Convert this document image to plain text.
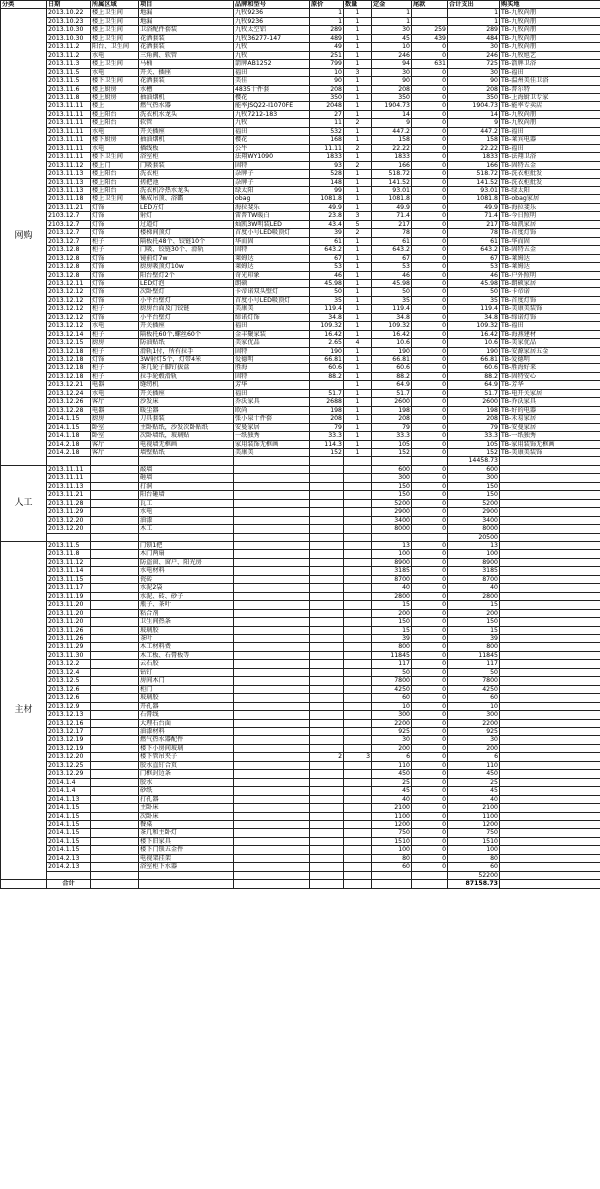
分类	日期	所属区域	项目	品牌和型号	原价	数量	定金	尾款	合计支出	购买地
网购	2013.10.22	楼上卫生间	地漏	九牧9236	1	1	1		1	TB-九牧尚朋
	2013.10.23	楼上卫生间	地漏	九牧9236	1	1	1		1	TB-九牧尚朋
	2013.10.30	楼上卫生间	卫浴配件套装	九牧太空铝	289	1	30	259	289	TB-九牧尚朋
	2013.10.30	楼上卫生间	花洒套装	九牧36277-147	489	1	45	439	484	TB-九牧尚朋
	2013.11.2	阳台、卫生间	花洒套装	九牧	49	1	10	0	30	TB-九牧尚朋
	2013.11.2	水电	三角阀、软管	九牧	251	1	246	0	246	TB-九牧旭艺
	2013.11.3	楼上卫生间	马桶	箭牌AB1252	799	1	94	631	725	TB-箭牌卫浴
	2013.11.5	水电	开关、插座	福田	10	3	30	0	30	TB-福田
	2013.11.5	楼下卫生间	花洒套装	美佳	90	1	90	0	90	TB-温州美佳卫浴
	2013.11.6	楼上厨房	水槽	4835十件套	208	1	208	0	208	TB-普尔特
	2013.11.8	楼上厨房	抽油烟机	樱花	350	1	350	0	350	TB-上海厨卫专家
	2013.11.11	楼上	燃气热水器	能率JSQ22-I1070FE	2048	1	1904.73	0	1904.73	TB-能率专卖店
	2013.11.11	楼上阳台	洗衣机水龙头	九牧7212-183	27	1	14	0	14	TB-九牧尚朋
	2013.11.11	楼上阳台	软管	九牧	11	2	9	0	9	TB-九牧尚朋
	2013.11.11	水电	开关插座	福田	532	1	447.2	0	447.2	TB-福田
	2013.11.11	楼下厨房	抽油烟机	樱花	168	1	158	0	158	TB-莱宾电器
	2013.11.11	水电	插线板	公牛	11.11	2	22.22	0	22.22	TB-福田
	2013.11.11	楼下卫生间	浴室柜	法翔WY1090	1833	1	1833	0	1833	TB-法翔卫浴
	2013.11.12	楼上门	门吸套装	固特	93	2	166	0	166	TB-固特五金
	2013.11.13	楼上阳台	洗衣柜	杂牌子	528	1	518.72	0	518.72	TB-洗衣柜批发
	2013.11.13	楼上阳台	搓把池	杂牌子	148	1	141.52	0	141.52	TB-洗衣柜批发
	2013.11.13	楼上阳台	洗衣机冷热水龙头	绿太阳	99	1	93.01	0	93.01	TB-绿太阳
	2013.11.18	楼上卫生间	集成吊顶、浴霸	obag	1081.8	1	1081.8	0	1081.8	TB-obag家居
	2013.11.21	灯饰	LED方灯	海拉斐乐	49.9	1	49.9	0	49.9	TB-海拉斐乐
	2103.12.7	灯饰	射灯	雷普TW暖白	23.8	3	71.4	0	71.4	TB-今日照明
	2103.12.7	灯饰	过道灯	灿凯3W明装LED	43.4	5	217	0	217	TB-灿凯家居
	2013.12.7	灯饰	楼梯间顶灯	首度小号LED吸顶灯	39	2	78	0	78	TB-首度灯饰
	2013.12.7	柜子	隔板托48个、铰链10个	华而固	61	1	61	0	61	TB-华而固
	2013.12.8	柜子	门吸、铰链30个、滑轨	固特	643.2	1	643.2	0	643.2	TB-固特五金
	2013.12.8	灯饰	镜前灯7w	莱姆达	67	1	67	0	67	TB-莱姆达
	2013.12.8	灯饰	厨房吸顶灯10w	莱姆达	53	1	53	0	53	TB-莱姆达
	2013.12.8	灯饰	阳台壁灯2个	奇光印象	46	1	46	0	46	TB-户外照明
	2013.12.11	灯饰	LED灯泡	朗硕	45.98	1	45.98	0	45.98	TB-朗硕家居
	2013.12.12	灯饰	次卧壁灯	卡帝诺双头壁灯	50	1	50	0	50	TB-卡帝诺
	2013.12.12	灯饰	小平台壁灯	首度小号LED吸顶灯	35	1	35	0	35	TB-首度灯饰
	2013.12.12	柜子	厨房台面及门铰链	美康美	119.4	1	119.4	0	119.4	TB-美康美装饰
	2013.12.12	灯饰	小平台壁灯	缔诺灯饰	34.8	1	34.8	0	34.8	TB-缔诺灯饰
	2013.12.12	水电	开关插座	福田	109.32	1	109.32	0	109.32	TB-福田
	2013.12.14	柜子	隔板托60个,螺丝60个	金丰聚家装	16.42	1	16.42	0	16.42	TB-海燕建材
	2013.12.15	厨房	防油贴纸	美家优品	2.65	4	10.6	0	10.6	TB-美家优品
	2013.12.18	柜子	滑轨1付，所有拉手	固特	190	1	190	0	190	TB-安源家居五金
	2013.12.18	灯饰	3W射灯5个，灯带4米	爱德明	66.81	1	66.81	0	66.81	TB-爱德明
	2013.12.18	柜子	茶几轮子脚钉拔盒	胜海	60.6	1	60.6	0	60.6	TB-胜海好来
	2013.12.18	柜子	拉手轮毂滑轨	固特	88.2	1	88.2	0	88.2	TB-固特安心
	2013.12.21	电器	缝纫机	芳华		1	64.9	0	64.9	TB-芳华
	2013.12.24	水电	开关插座	福田	51.7	1	51.7	0	51.7	TB-电开关家居
	2013.12.26	客厅	沙发床	乔沃家具	2688	1	2600	0	2600	TB-乔沃家具
	2013.12.28	电器	暖尘器	欧尚	198	1	198	0	198	TB-好的电器
	2014.1.15	厨房	刀具套装	张小泉十件套	208	1	208	0	208	TB-禾易家居
	2014.1.15	卧室	主卧贴纸，沙发次卧贴纸	安曼家居	79	1	79	0	79	TB-安曼家居
	2014.1.18	卧室	次卧墙纸，玻璃贴	一纸独秀	33.3	1	33.3	0	33.3	TB-一纸独秀
	2014.2.18	客厅	电视墙无框画	家用装饰无框画	114.3	1	105	0	105	TB-家用装饰无框画
	2014.2.18	客厅	墙壁贴纸	美康美	152	1	152	0	152	TB-美康美装饰
									14458.73	
人工	2013.11.11		敲墙				600	0	600	
	2013.11.11		砸墙				300	0	300	
	2013.11.13		打洞				150	0	150	
	2013.11.21		阳台砸墙				150	0	150	
	2013.11.28		瓦工				5200	0	5200	
	2013.11.29		水电				2900	0	2900	
	2013.12.20		油漆				3400	0	3400	
	2013.12.20		木工				8000	0	8000	
									20500	
主材	2013.11.5		门锁1把				13	0	13	
	2013.11.8		木门两扇				100	0	100	
	2013.11.12		防盗窗、窗户、阳光房				8900	0	8900	
	2013.11.14		水电材料				3185	0	3185	
	2013.11.15		瓷砖				8700	0	8700	
	2013.11.17		水泥2袋				40	0	40	
	2013.11.19		水泥、砖、砂子				2800	0	2800	
	2013.11.20		瓶子、茶叶				15	0	15	
	2013.11.20		粘合剂				200	0	200	
	2013.11.20		卫生间热条				150	0	150	
	2013.11.26		玻璃胶				15	0	15	
	2013.11.26		茶叶				39	0	39	
	2013.11.29		木工材料费				800	0	800	
	2013.11.30		木工板、石膏板等				11845	0	11845	
	2013.12.2		云石胶				117	0	117	
	2013.12.4		钻钉				50	0	50	
	2013.12.5		房间木门				7800	0	7800	
	2013.12.6		柜门				4250	0	4250	
	2013.12.6		玻璃胶				60	0	60	
	2013.12.9		开孔器				10	0	10	
	2013.12.13		石膏线				300	0	300	
	2013.12.16		大理石台面				2200	0	2200	
	2013.12.17		油漆材料				925	0	925	
	2013.12.19		燃气热水器配件				30	0	30	
	2013.12.19		楼下小房间玻璃				200	0	200	
	2013.12.20		楼下管吊夹子		2	3	6	0	6	
	2013.12.25		胶水直钉合页				110	0	110	
	2013.12.29		门框封边条				450	0	450	
	2014.1.4		胶水				25	0	25	
	2014.1.4		砂纸				45	0	45	
	2014.1.13		打孔器				40	0	40	
	2014.1.15		主卧床				2100	0	2100	
	2014.1.15		次卧床				1100	0	1100	
	2014.1.15		餐桌				1200	0	1200	
	2014.1.15		茶几和主卧灯				750	0	750	
	2014.1.15		楼下旧家具				1510	0	1510	
	2014.1.15		楼下门锁五金件				100	0	100	
	2014.2.13		电视架挂架				80	0	80	
	2014.2.13		浴室柜下水器				60	0	60	
									52200	
	合计								87158.73	
